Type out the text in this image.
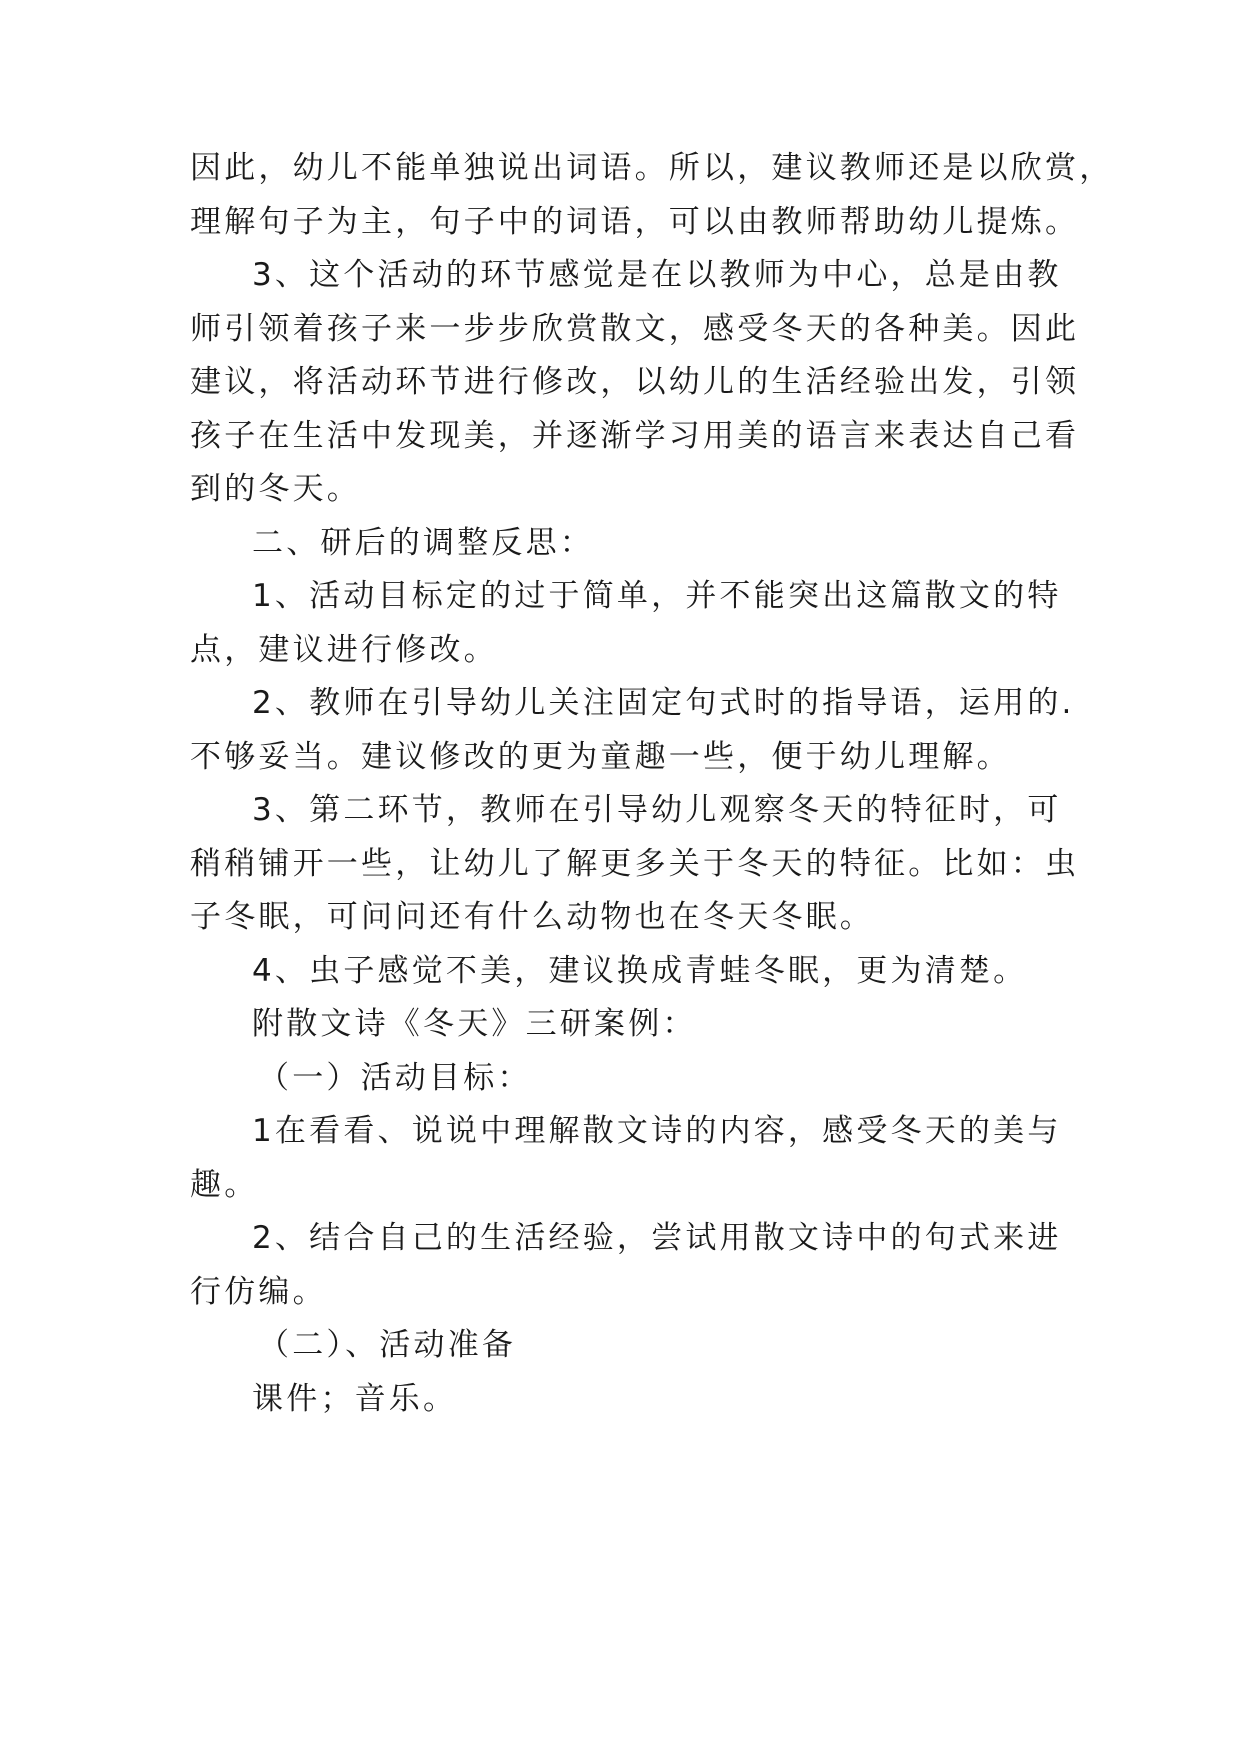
因此，幼儿不能单独说出词语。所以，建议教师还是以欣赏，
理解句子为主，句子中的词语，可以由教师帮助幼儿提炼。
3、这个活动的环节感觉是在以教师为中心，总是由教
师引领着孩子来一步步欣赏散文，感受冬天的各种美。因此
建议，将活动环节进行修改，以幼儿的生活经验出发，引领
孩子在生活中发现美，并逐渐学习用美的语言来表达自己看
到的冬天。
二、研后的调整反思：
1、活动目标定的过于简单，并不能突出这篇散文的特
点，建议进行修改。
2、教师在引导幼儿关注固定句式时的指导语，运用的.
不够妥当。建议修改的更为童趣一些，便于幼儿理解。
3、第二环节，教师在引导幼儿观察冬天的特征时，可
稍稍铺开一些，让幼儿了解更多关于冬天的特征。比如：虫
子冬眠，可问问还有什么动物也在冬天冬眠。
4、虫子感觉不美，建议换成青蛙冬眠，更为清楚。
附散文诗《冬天》三研案例：
（一）活动目标：
1在看看、说说中理解散文诗的内容，感受冬天的美与
趣。
2、结合自己的生活经验，尝试用散文诗中的句式来进
行仿编。
（二）、活动准备
课件；音乐。
